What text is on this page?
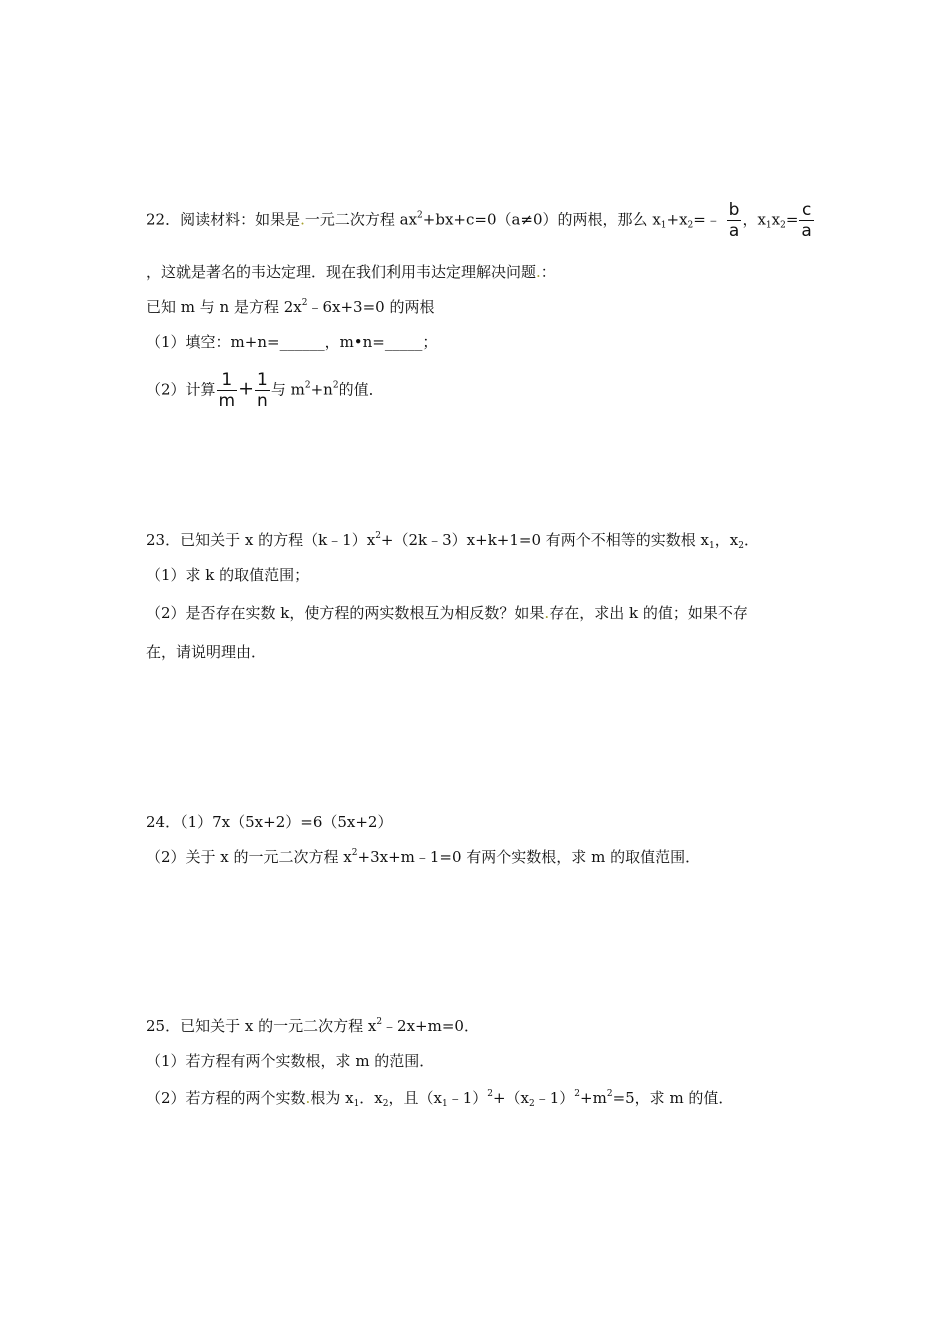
22．阅读材料：如果是.一元二次方程 $ax^2+bx+c=0(a\ne 0)$的两根，那么 $x_1+x_2=﹣ \frac{b}{a}$ ，$x_1x_2= \frac{c}{a}$
，这就是著名的韦达定理．现在我们利用韦达定理解决问题.：
已知 m 与 n 是方程 $2x^2﹣6x+3=0$ 的两根
（1）填空：m+n=______，m•n=_____；
（2）计算 $\frac{1}{m} + \frac{1}{n}$ 与 $m^2+n^2$的值．
23．已知关于 x 的方程$(k﹣1)x^2+(2k﹣3)x+k+1=0$ 有两个不相等的实数根 $x_1$，$x_2$．
（1）求 k 的取值范围；
（2）是否存在实数 k，使方程的两实数根互为相反数？如果.存在，求出 k 的值；如果不存
在，请说明理由．
24．（1）7x（5x+2）=6（5x+2）
（2）关于 x 的一元二次方程 $x^2+3x+m﹣1=0$ 有两个实数根，求 m 的取值范围．
25．已知关于 x 的一元二次方程 $x^2﹣2x+m=0$．
（1）若方程有两个实数根，求 m 的范围．
（2）若方程的两个实数.根为 $x_1$．$x_2$，且$(x_1﹣1)^2+(x_2﹣1)^2+m^2=5$，求 m 的值．
